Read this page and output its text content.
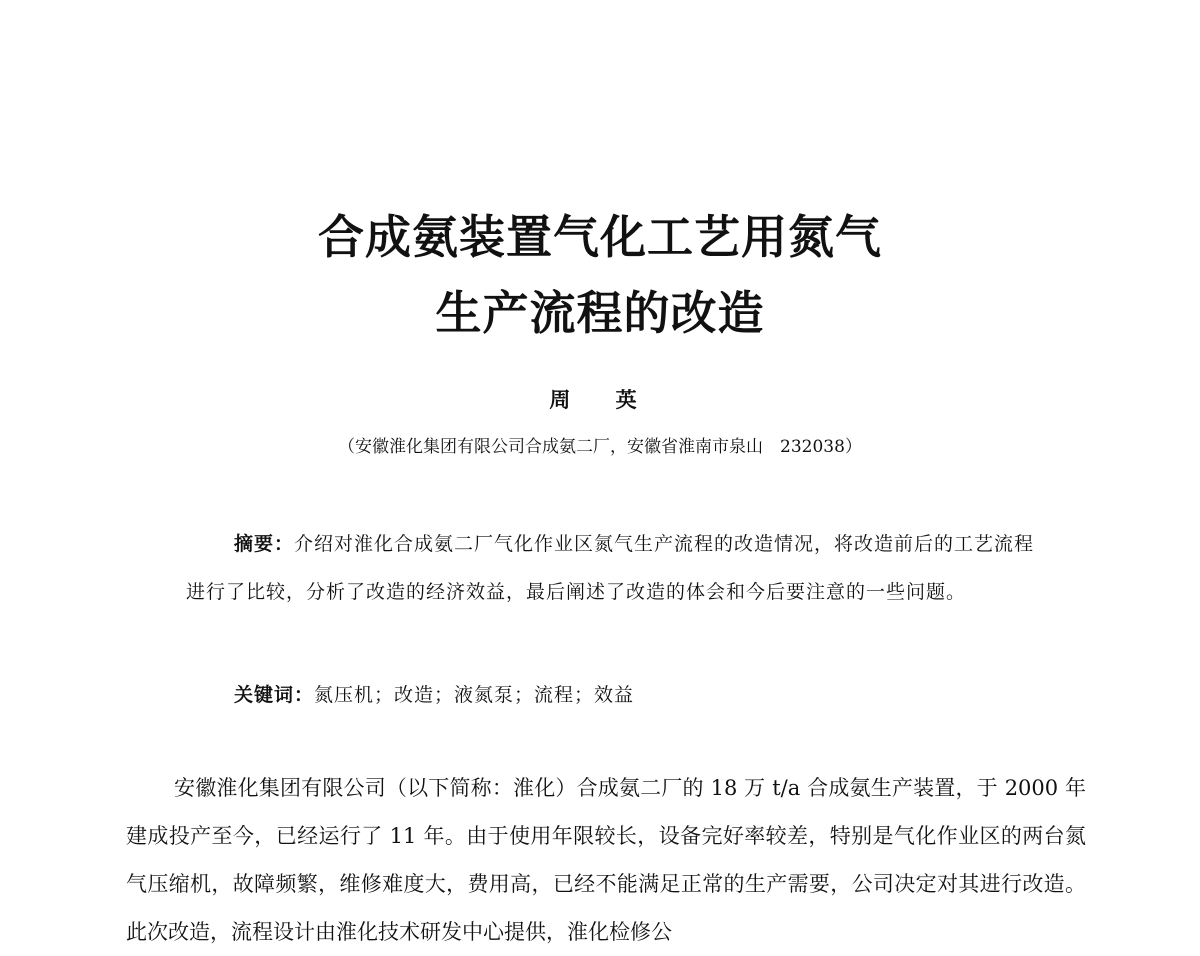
合成氨装置气化工艺用氮气
生产流程的改造
周 英
（安徽淮化集团有限公司合成氨二厂，安徽省淮南市泉山　232038）
摘要：介绍对淮化合成氨二厂气化作业区氮气生产流程的改造情况，将改造前后的工艺流程进行了比较，分析了改造的经济效益，最后阐述了改造的体会和今后要注意的一些问题。
关键词：氮压机；改造；液氮泵；流程；效益
安徽淮化集团有限公司（以下简称：淮化）合成氨二厂的 18 万 t/a 合成氨生产装置，于 2000 年建成投产至今，已经运行了 11 年。由于使用年限较长，设备完好率较差，特别是气化作业区的两台氮气压缩机，故障频繁，维修难度大，费用高，已经不能满足正常的生产需要，公司决定对其进行改造。此次改造，流程设计由淮化技术研发中心提供，淮化检修公
